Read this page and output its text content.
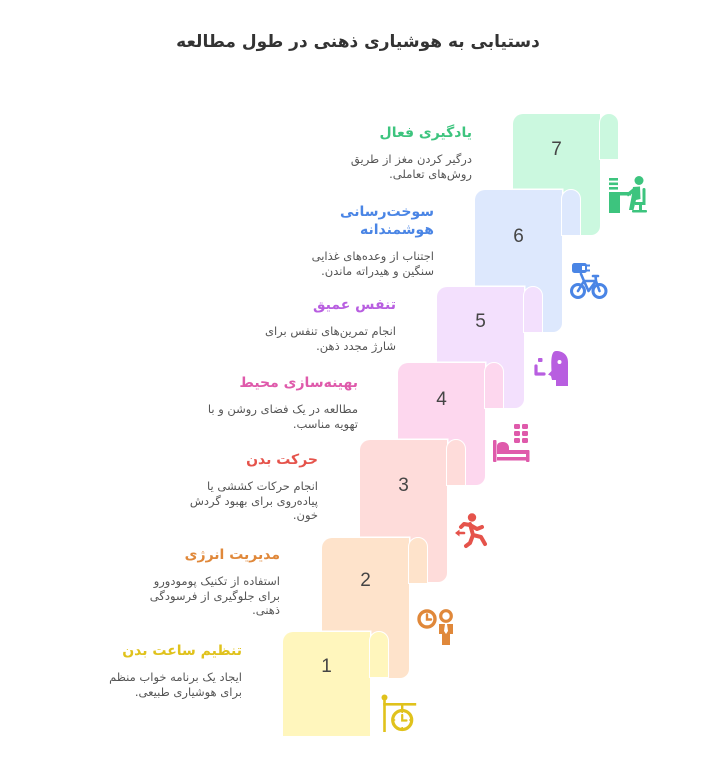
دستیابی به هوشیاری ذهنی در طول مطالعه
7
یادگیری فعال
درگیر کردن مغز از طریق
روش‌های تعاملی.
6
سوخت‌رسانی
هوشمندانه
اجتناب از وعده‌های غذایی
سنگین و هیدراته ماندن.
5
تنفس عمیق
انجام تمرین‌های تنفس برای
شارژ مجدد ذهن.
4
بهینه‌سازی محیط
مطالعه در یک فضای روشن و با
تهویه مناسب.
3
حرکت بدن
انجام حرکات کششی یا
پیاده‌روی برای بهبود گردش
خون.
2
مدیریت انرژی
استفاده از تکنیک پومودورو
برای جلوگیری از فرسودگی
ذهنی.
1
تنظیم ساعت بدن
ایجاد یک برنامه خواب منظم
برای هوشیاری طبیعی.
